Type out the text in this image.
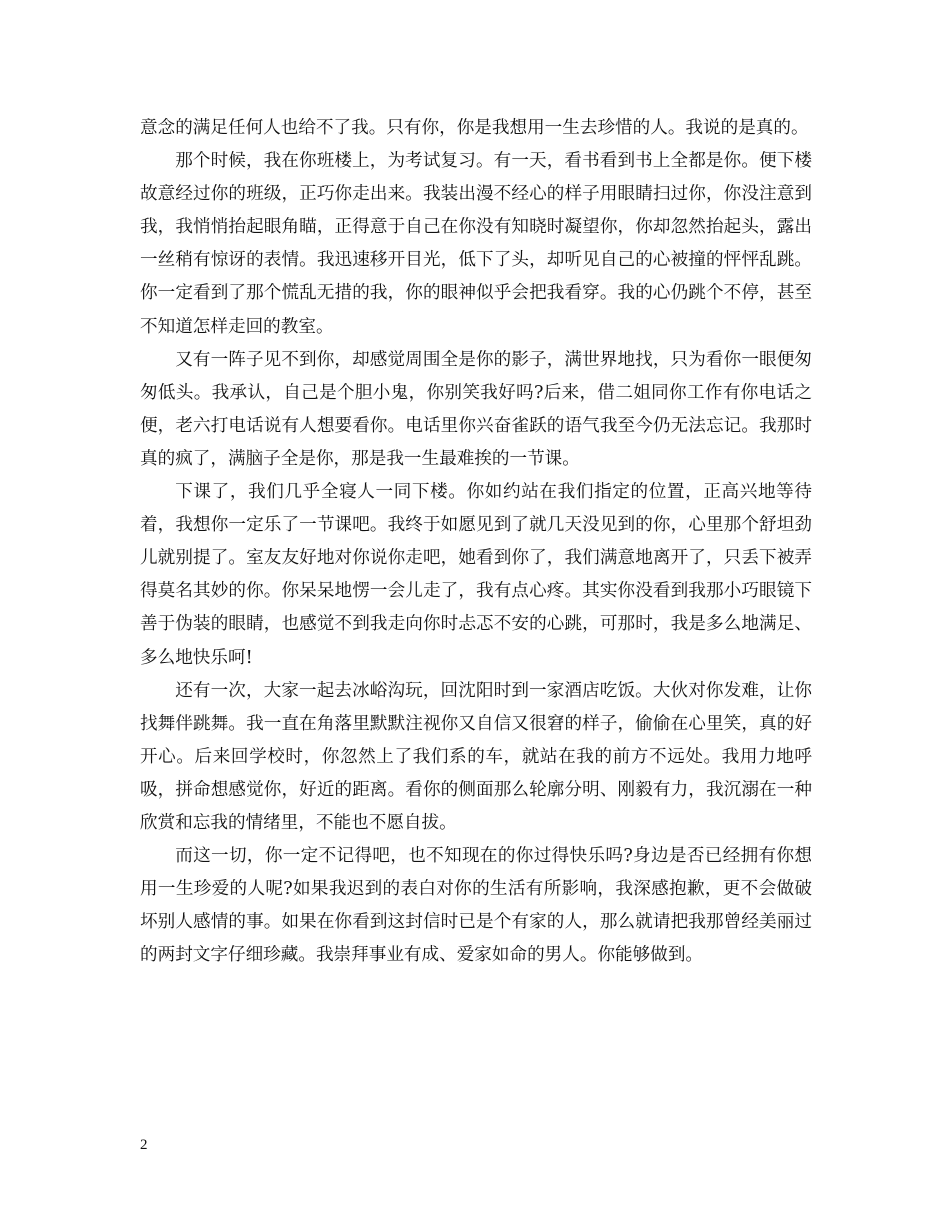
意念的满足任何人也给不了我。只有你，你是我想用一生去珍惜的人。我说的是真的。

那个时候，我在你班楼上，为考试复习。有一天，看书看到书上全都是你。便下楼故意经过你的班级，正巧你走出来。我装出漫不经心的样子用眼睛扫过你，你没注意到我，我悄悄抬起眼角瞄，正得意于自己在你没有知晓时凝望你，你却忽然抬起头，露出一丝稍有惊讶的表情。我迅速移开目光，低下了头，却听见自己的心被撞的怦怦乱跳。你一定看到了那个慌乱无措的我，你的眼神似乎会把我看穿。我的心仍跳个不停，甚至不知道怎样走回的教室。

又有一阵子见不到你，却感觉周围全是你的影子，满世界地找，只为看你一眼便匆匆低头。我承认，自己是个胆小鬼，你别笑我好吗?后来，借二姐同你工作有你电话之便，老六打电话说有人想要看你。电话里你兴奋雀跃的语气我至今仍无法忘记。我那时真的疯了，满脑子全是你，那是我一生最难挨的一节课。

下课了，我们几乎全寝人一同下楼。你如约站在我们指定的位置，正高兴地等待着，我想你一定乐了一节课吧。我终于如愿见到了就几天没见到的你，心里那个舒坦劲儿就别提了。室友友好地对你说你走吧，她看到你了，我们满意地离开了，只丢下被弄得莫名其妙的你。你呆呆地愣一会儿走了，我有点心疼。其实你没看到我那小巧眼镜下善于伪装的眼睛，也感觉不到我走向你时忐忑不安的心跳，可那时，我是多么地满足、多么地快乐呵!

还有一次，大家一起去冰峪沟玩，回沈阳时到一家酒店吃饭。大伙对你发难，让你找舞伴跳舞。我一直在角落里默默注视你又自信又很窘的样子，偷偷在心里笑，真的好开心。后来回学校时，你忽然上了我们系的车，就站在我的前方不远处。我用力地呼吸，拼命想感觉你，好近的距离。看你的侧面那么轮廓分明、刚毅有力，我沉溺在一种欣赏和忘我的情绪里，不能也不愿自拔。

而这一切，你一定不记得吧，也不知现在的你过得快乐吗?身边是否已经拥有你想用一生珍爱的人呢?如果我迟到的表白对你的生活有所影响，我深感抱歉，更不会做破坏别人感情的事。如果在你看到这封信时已是个有家的人，那么就请把我那曾经美丽过的两封文字仔细珍藏。我崇拜事业有成、爱家如命的男人。你能够做到。

2
